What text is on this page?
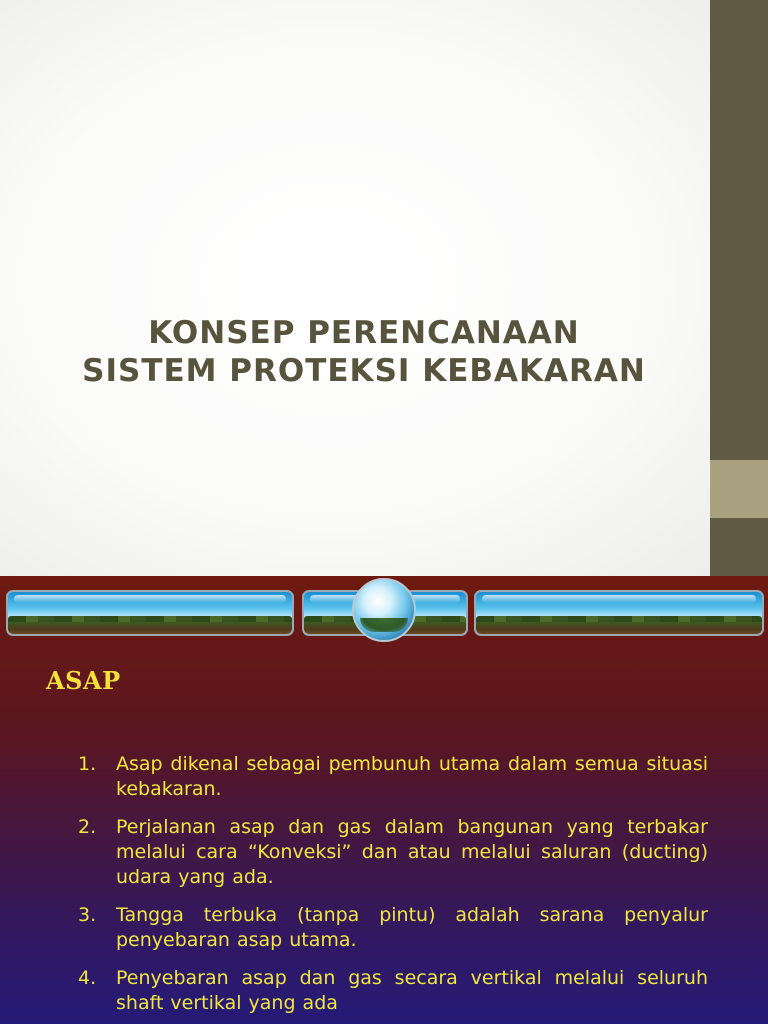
KONSEP PERENCANAAN
SISTEM PROTEKSI KEBAKARAN
ASAP
1.	Asap dikenal sebagai pembunuh utama dalam semua situasi kebakaran.
2.	Perjalanan asap dan gas dalam bangunan yang terbakar melalui cara “Konveksi” dan atau melalui saluran (ducting) udara yang ada.
3.	Tangga terbuka (tanpa pintu) adalah sarana penyalur penyebaran asap utama.
4.	Penyebaran asap dan gas secara vertikal melalui seluruh shaft vertikal yang ada
